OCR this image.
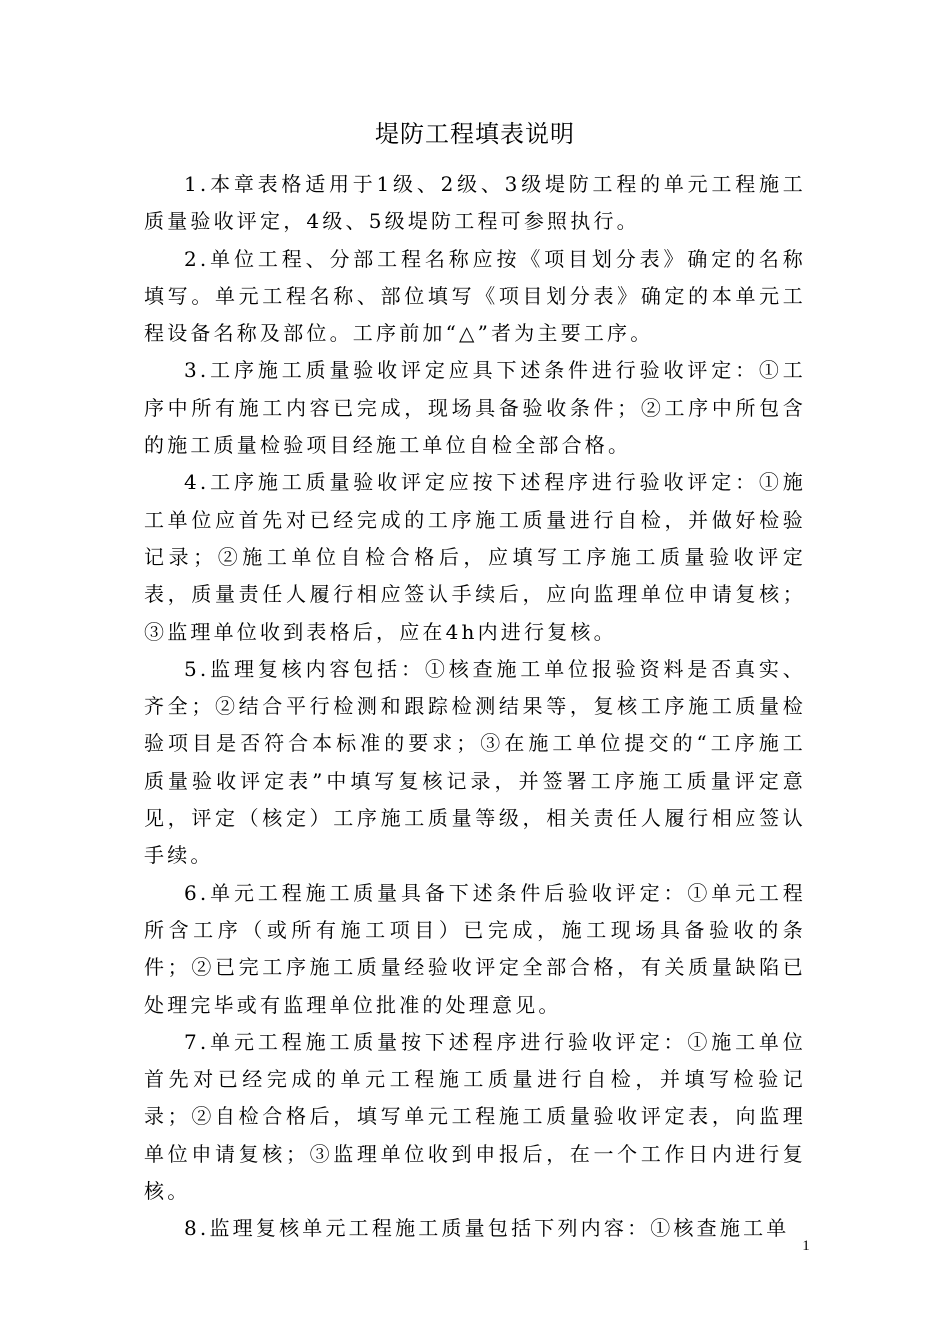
堤防工程填表说明

1.本章表格适用于1级、2级、3级堤防工程的单元工程施工质量验收评定，4级、5级堤防工程可参照执行。

2.单位工程、分部工程名称应按《项目划分表》确定的名称填写。单元工程名称、部位填写《项目划分表》确定的本单元工程设备名称及部位。工序前加“△”者为主要工序。

3.工序施工质量验收评定应具下述条件进行验收评定：①工序中所有施工内容已完成，现场具备验收条件；②工序中所包含的施工质量检验项目经施工单位自检全部合格。

4.工序施工质量验收评定应按下述程序进行验收评定：①施工单位应首先对已经完成的工序施工质量进行自检，并做好检验记录；②施工单位自检合格后，应填写工序施工质量验收评定表，质量责任人履行相应签认手续后，应向监理单位申请复核；③监理单位收到表格后，应在4h内进行复核。

5.监理复核内容包括：①核查施工单位报验资料是否真实、齐全；②结合平行检测和跟踪检测结果等，复核工序施工质量检验项目是否符合本标准的要求；③在施工单位提交的“工序施工质量验收评定表”中填写复核记录，并签署工序施工质量评定意见，评定（核定）工序施工质量等级，相关责任人履行相应签认手续。

6.单元工程施工质量具备下述条件后验收评定：①单元工程所含工序（或所有施工项目）已完成，施工现场具备验收的条件；②已完工序施工质量经验收评定全部合格，有关质量缺陷已处理完毕或有监理单位批准的处理意见。

7.单元工程施工质量按下述程序进行验收评定：①施工单位首先对已经完成的单元工程施工质量进行自检，并填写检验记录；②自检合格后，填写单元工程施工质量验收评定表，向监理单位申请复核；③监理单位收到申报后，在一个工作日内进行复核。

8.监理复核单元工程施工质量包括下列内容：①核查施工单

1
